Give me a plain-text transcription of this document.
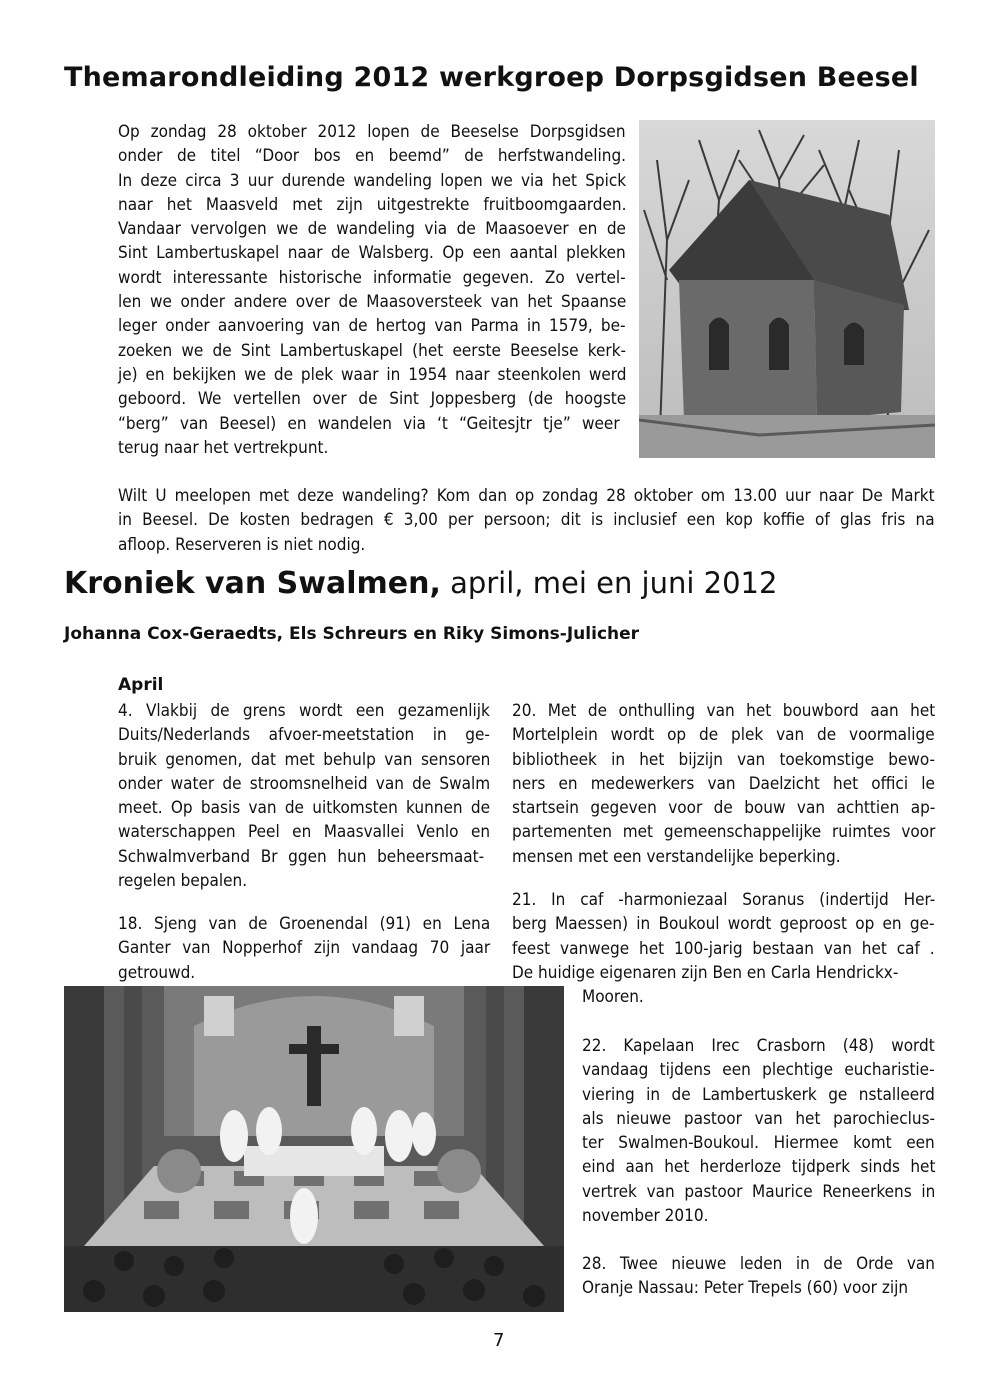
Themarondleiding 2012 werkgroep Dorpsgidsen Beesel
Op zondag 28 oktober 2012 lopen de Beeselse Dorpsgidsen
onder de titel “Door bos en beemd” de herfstwandeling.
In deze circa 3 uur durende wandeling lopen we via het Spick
naar het Maasveld met zijn uitgestrekte fruitboomgaarden.
Vandaar vervolgen we de wandeling via de Maasoever en de
Sint Lambertuskapel naar de Walsberg. Op een aantal plekken
wordt interessante historische informatie gegeven. Zo vertel-
len we onder andere over de Maasoversteek van het Spaanse
leger onder aanvoering van de hertog van Parma in 1579, be-
zoeken we de Sint Lambertuskapel (het eerste Beeselse kerk-
je) en bekijken we de plek waar in 1954 naar steenkolen werd
geboord. We vertellen over de Sint Joppesberg (de hoogste
“berg” van Beesel) en wandelen via ‘t “Geitesjtr tje” weer
terug naar het vertrekpunt.
Wilt U meelopen met deze wandeling? Kom dan op zondag 28 oktober om 13.00 uur naar De Markt
in Beesel. De kosten bedragen € 3,00 per persoon; dit is inclusief een kop koffie of glas fris na
afloop. Reserveren is niet nodig.
Kroniek van Swalmen, april, mei en juni 2012
Johanna Cox-Geraedts, Els Schreurs en Riky Simons-Julicher
April
4. Vlakbij de grens wordt een gezamenlijk
Duits/Nederlands afvoer-meetstation in ge-
bruik genomen, dat met behulp van sensoren
onder water de stroomsnelheid van de Swalm
meet. Op basis van de uitkomsten kunnen de
waterschappen Peel en Maasvallei Venlo en
Schwalmverband Br ggen hun beheersmaat-
regelen bepalen.
18. Sjeng van de Groenendal (91) en Lena
Ganter van Nopperhof zijn vandaag 70 jaar
getrouwd.
20. Met de onthulling van het bouwbord aan het
Mortelplein wordt op de plek van de voormalige
bibliotheek in het bijzijn van toekomstige bewo-
ners en medewerkers van Daelzicht het offici le
startsein gegeven voor de bouw van achttien ap-
partementen met gemeenschappelijke ruimtes voor
mensen met een verstandelijke beperking.
21. In caf -harmoniezaal Soranus (indertijd Her-
berg Maessen) in Boukoul wordt geproost op en ge-
feest vanwege het 100-jarig bestaan van het caf .
De huidige eigenaren zijn Ben en Carla Hendrickx-
Mooren.
22. Kapelaan Irec Crasborn (48) wordt
vandaag tijdens een plechtige eucharistie-
viering in de Lambertuskerk ge nstalleerd
als nieuwe pastoor van het parochieclus-
ter Swalmen-Boukoul. Hiermee komt een
eind aan het herderloze tijdperk sinds het
vertrek van pastoor Maurice Reneerkens in
november 2010.
28. Twee nieuwe leden in de Orde van
Oranje Nassau: Peter Trepels (60) voor zijn
7
